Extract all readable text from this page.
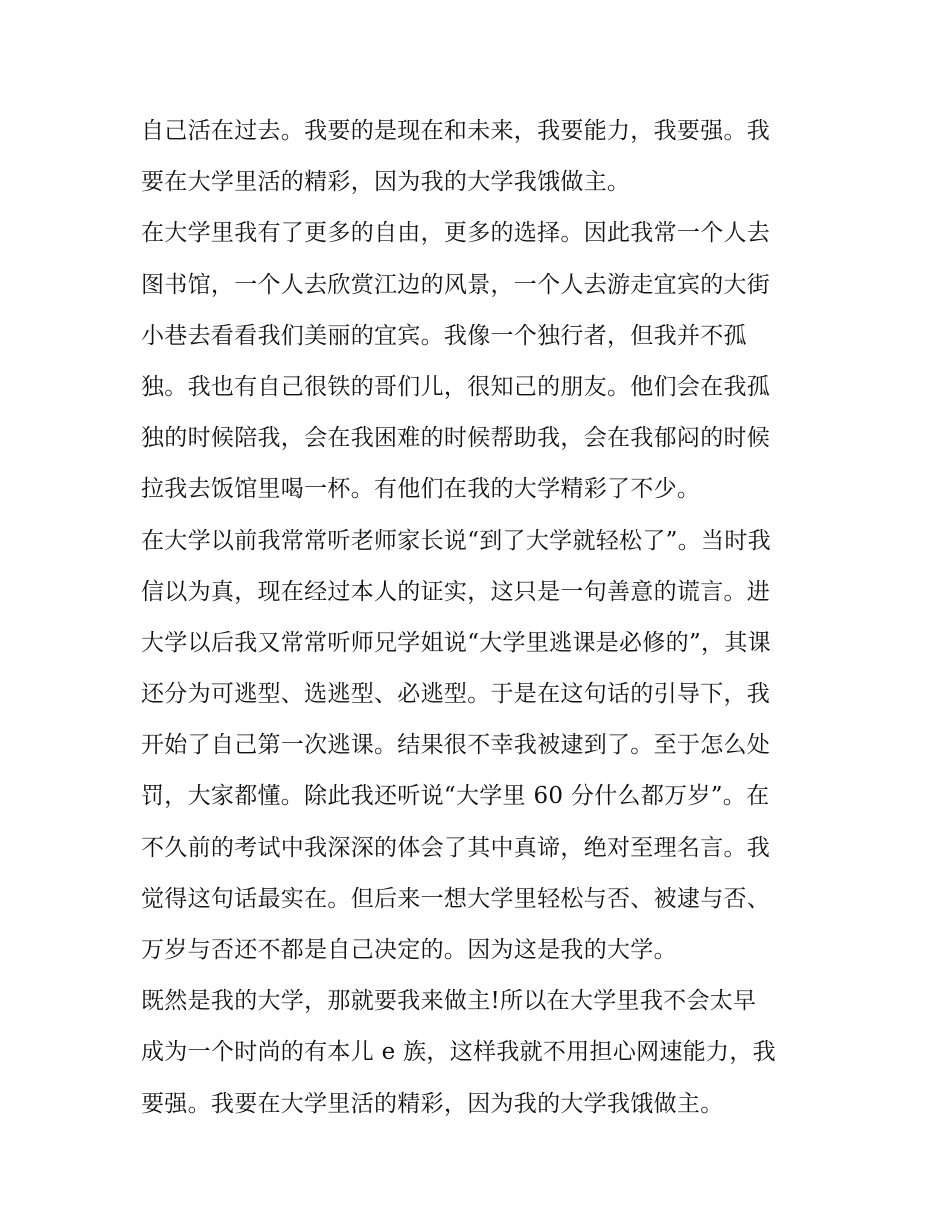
自己活在过去。我要的是现在和未来，我要能力，我要强。我

要在大学里活的精彩，因为我的大学我饿做主。

在大学里我有了更多的自由，更多的选择。因此我常一个人去

图书馆，一个人去欣赏江边的风景，一个人去游走宜宾的大街

小巷去看看我们美丽的宜宾。我像一个独行者，但我并不孤

独。我也有自己很铁的哥们儿，很知己的朋友。他们会在我孤

独的时候陪我，会在我困难的时候帮助我，会在我郁闷的时候

拉我去饭馆里喝一杯。有他们在我的大学精彩了不少。

在大学以前我常常听老师家长说“到了大学就轻松了”。当时我

信以为真，现在经过本人的证实，这只是一句善意的谎言。进

大学以后我又常常听师兄学姐说“大学里逃课是必修的”，其课

还分为可逃型、选逃型、必逃型。于是在这句话的引导下，我

开始了自己第一次逃课。结果很不幸我被逮到了。至于怎么处

罚，大家都懂。除此我还听说“大学里 60 分什么都万岁”。在

不久前的考试中我深深的体会了其中真谛，绝对至理名言。我

觉得这句话最实在。但后来一想大学里轻松与否、被逮与否、

万岁与否还不都是自己决定的。因为这是我的大学。

既然是我的大学，那就要我来做主!所以在大学里我不会太早

成为一个时尚的有本儿 e 族，这样我就不用担心网速能力，我

要强。我要在大学里活的精彩，因为我的大学我饿做主。
